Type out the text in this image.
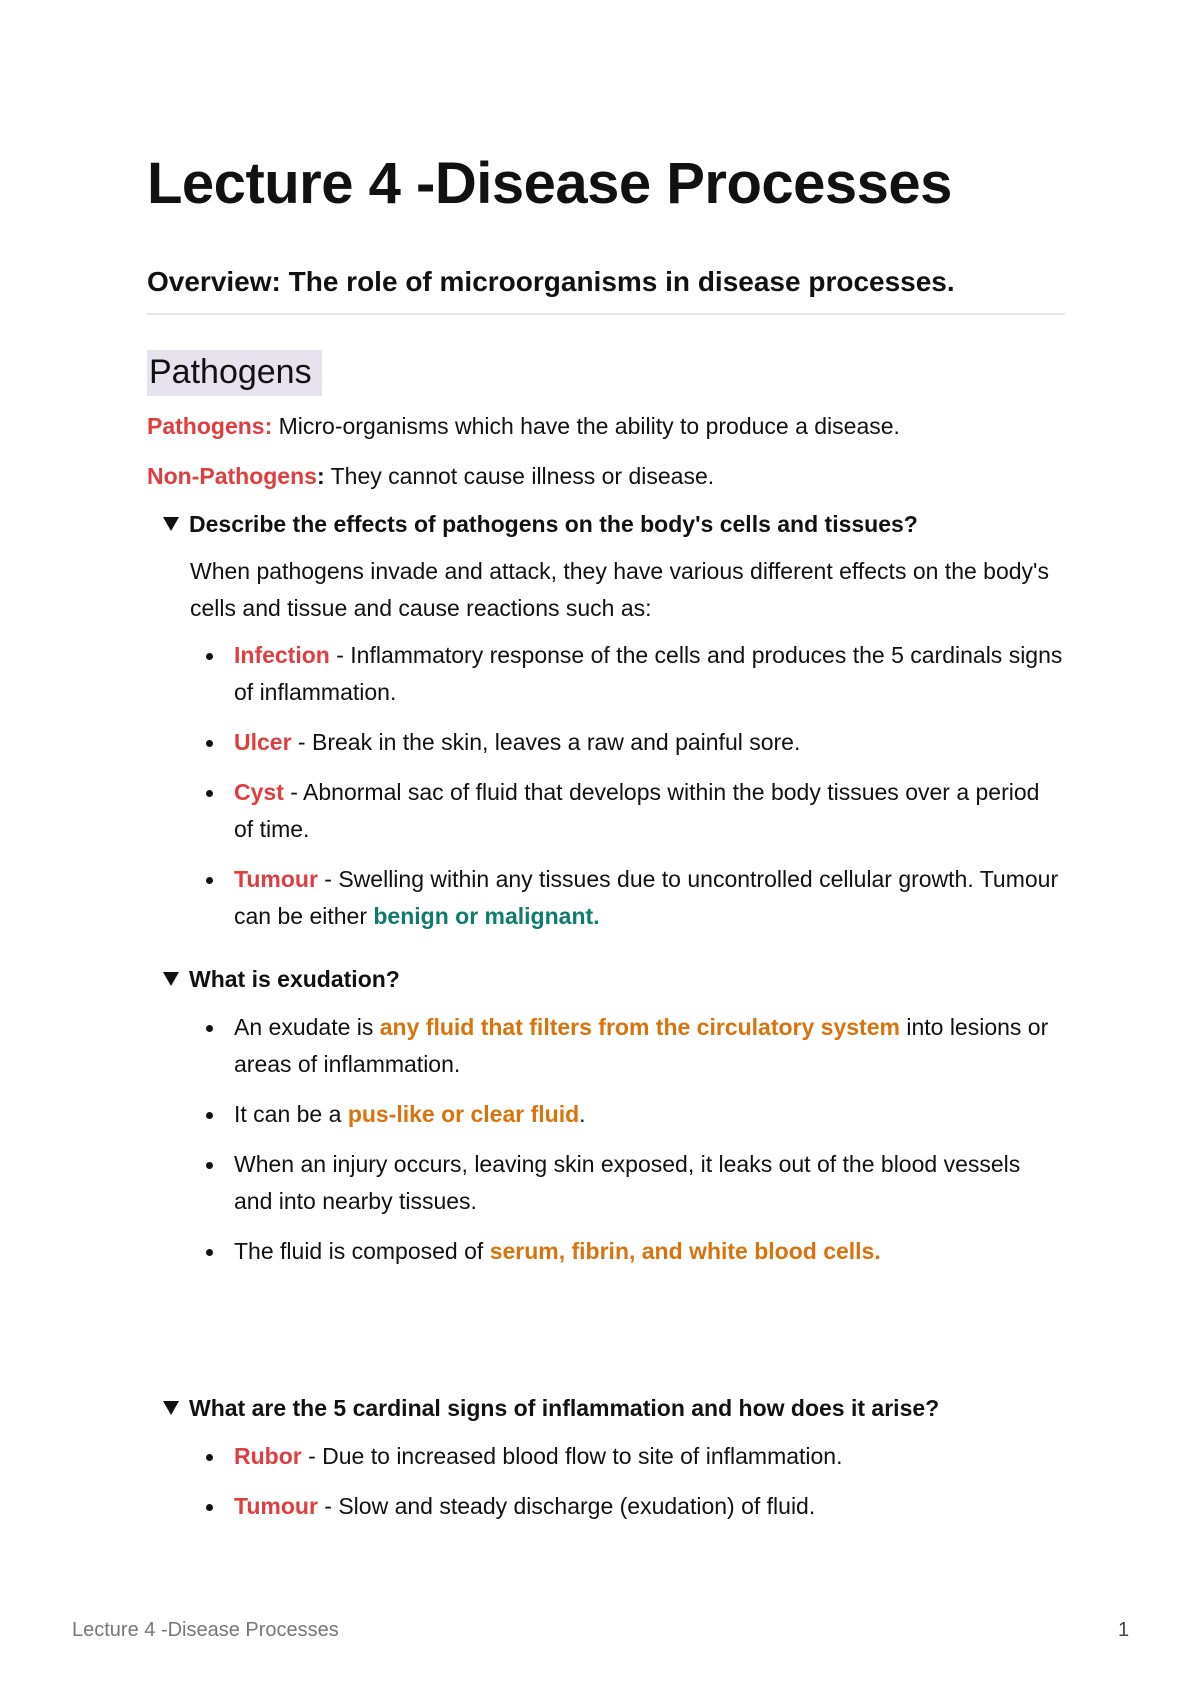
Lecture 4 -Disease Processes

Overview: The role of microorganisms in disease processes.

Pathogens

Pathogens: Micro-organisms which have the ability to produce a disease.

Non-Pathogens: They cannot cause illness or disease.

Describe the effects of pathogens on the body's cells and tissues?

When pathogens invade and attack, they have various different effects on the body's cells and tissue and cause reactions such as:

Infection - Inflammatory response of the cells and produces the 5 cardinals signs of inflammation.
Ulcer - Break in the skin, leaves a raw and painful sore.
Cyst - Abnormal sac of fluid that develops within the body tissues over a period of time.
Tumour - Swelling within any tissues due to uncontrolled cellular growth. Tumour can be either benign or malignant.
What is exudation?
An exudate is any fluid that filters from the circulatory system into lesions or areas of inflammation.
It can be a pus-like or clear fluid.
When an injury occurs, leaving skin exposed, it leaks out of the blood vessels and into nearby tissues.
The fluid is composed of serum, fibrin, and white blood cells.
What are the 5 cardinal signs of inflammation and how does it arise?
Rubor - Due to increased blood flow to site of inflammation.
Tumour - Slow and steady discharge (exudation) of fluid.
Lecture 4 -Disease Processes	1
